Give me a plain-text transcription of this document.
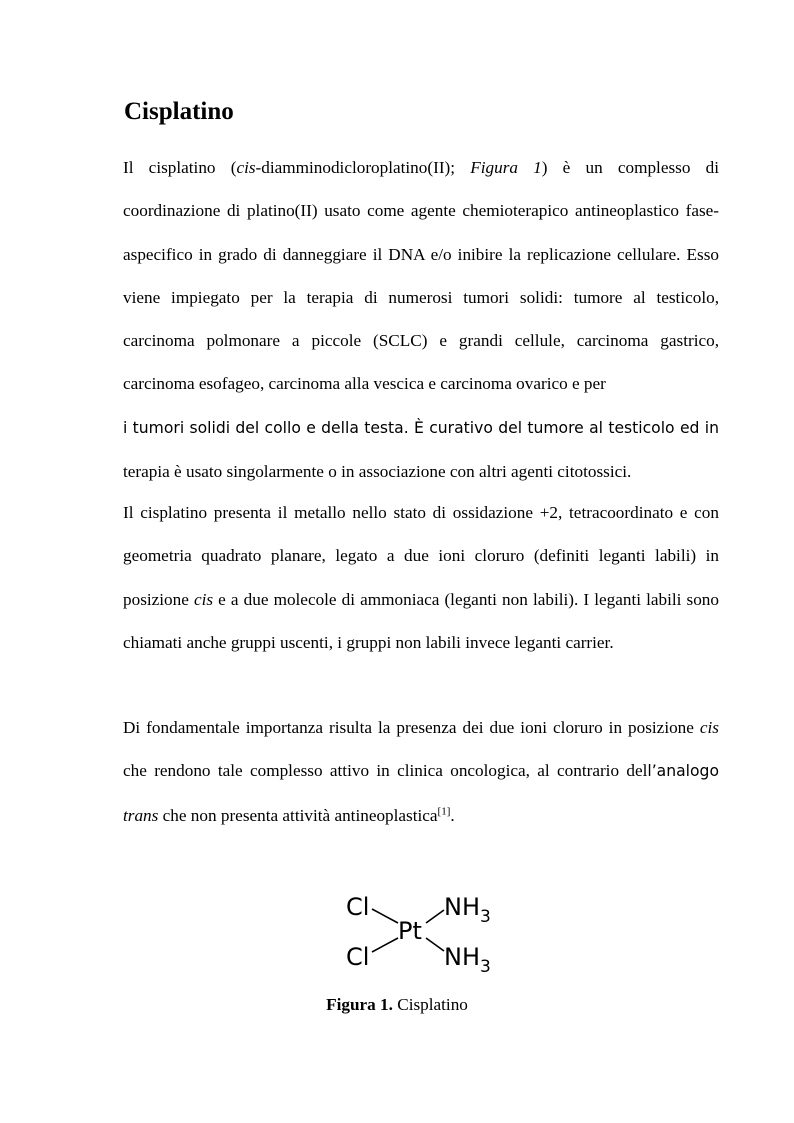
Cisplatino

Il cisplatino (cis-diamminodicloroplatino(II); Figura 1) è un complesso di coordinazione di platino(II) usato come agente chemioterapico antineoplastico fase-aspecifico in grado di danneggiare il DNA e/o inibire la replicazione cellulare. Esso viene impiegato per la terapia di numerosi tumori solidi: tumore al testicolo, carcinoma polmonare a piccole (SCLC) e grandi cellule, carcinoma gastrico, carcinoma esofageo, carcinoma alla vescica e carcinoma ovarico e per

i tumori solidi del collo e della testa. È curativo del tumore al testicolo ed in

terapia è usato singolarmente o in associazione con altri agenti citotossici.

Il cisplatino presenta il metallo nello stato di ossidazione +2, tetracoordinato e con geometria quadrato planare, legato a due ioni cloruro (definiti leganti labili) in posizione cis e a due molecole di ammoniaca (leganti non labili). I leganti labili sono chiamati anche gruppi uscenti, i gruppi non labili invece leganti carrier.

Di fondamentale importanza risulta la presenza dei due ioni cloruro in posizione cis che rendono tale complesso attivo in clinica oncologica, al contrario dell’analogo trans che non presenta attività antineoplastica[1].

Cl
Cl
Pt
$NH_3$
$NH_3$

Figura 1. Cisplatino
